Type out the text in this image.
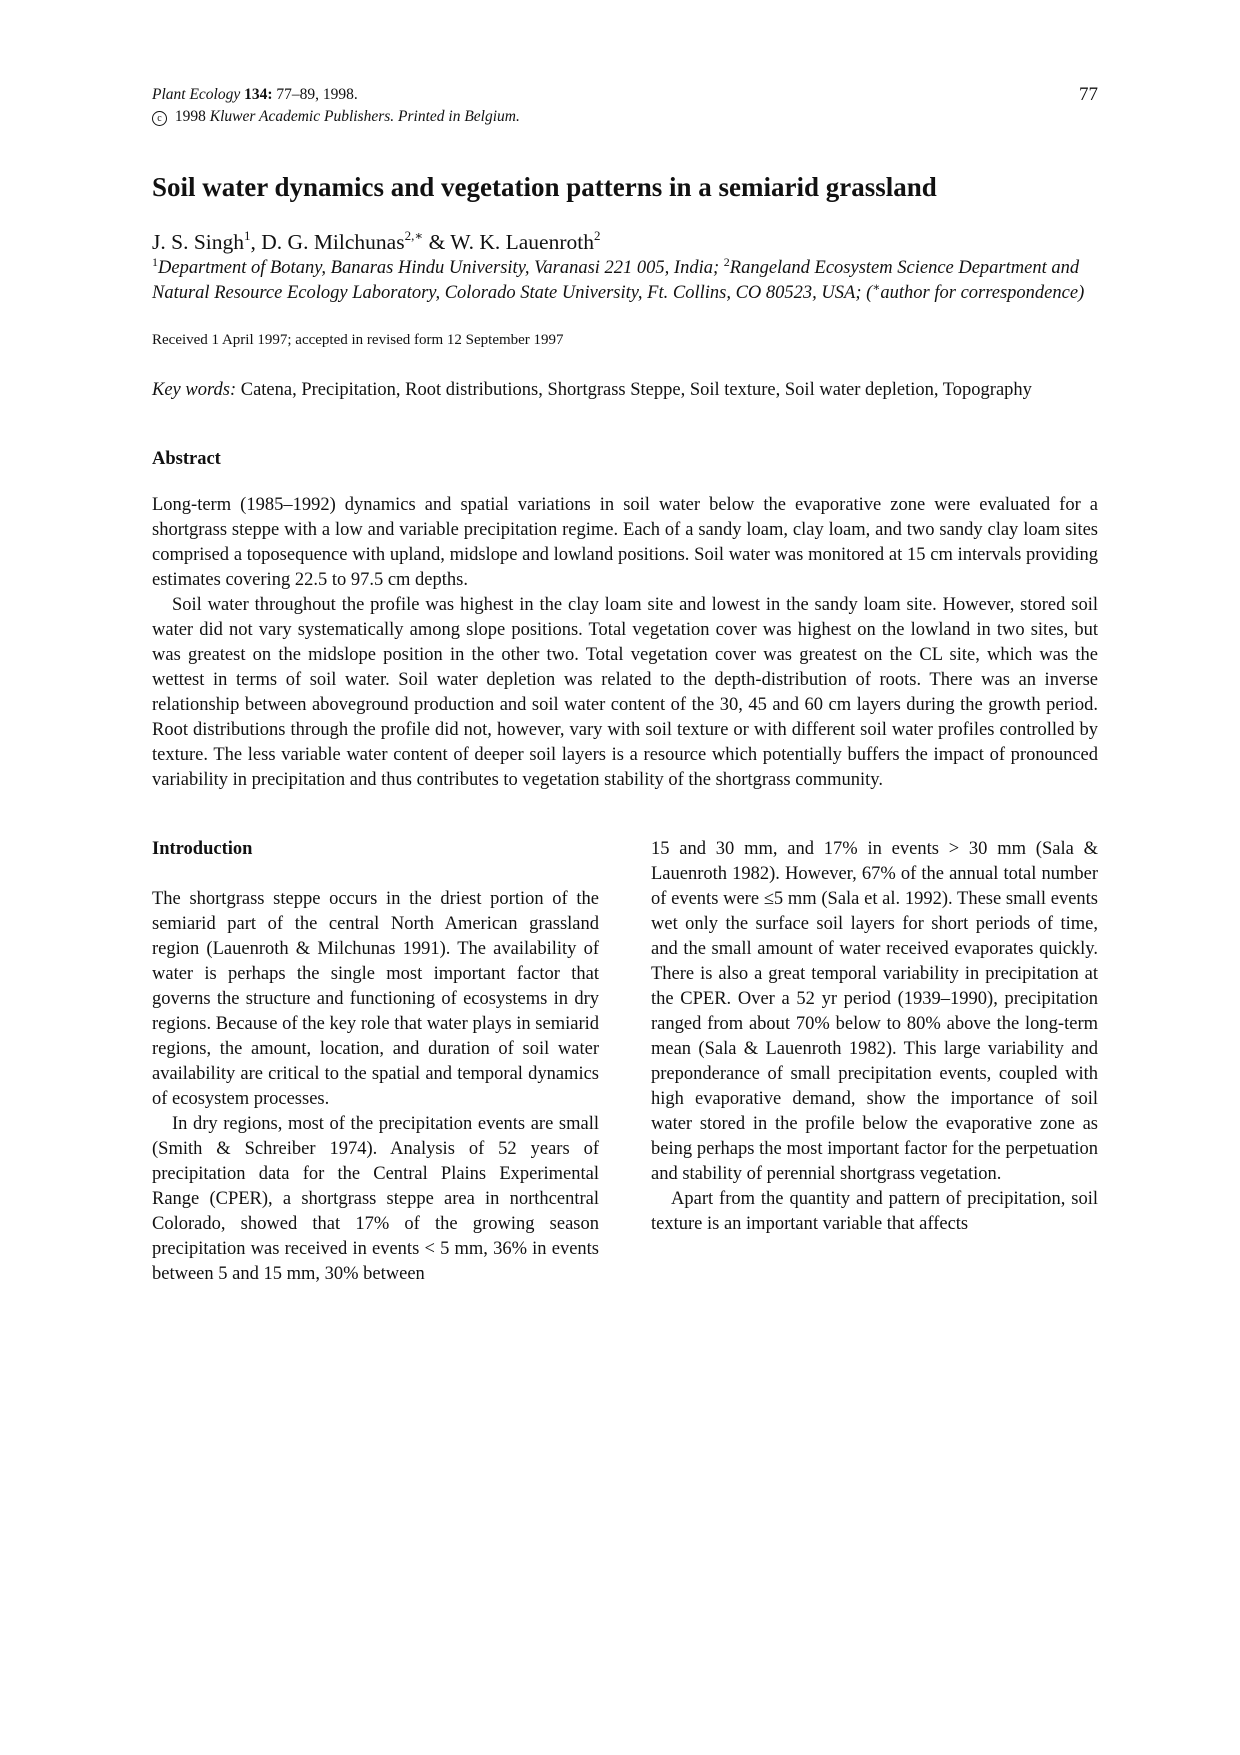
Plant Ecology 134: 77–89, 1998.
c 1998 Kluwer Academic Publishers. Printed in Belgium.
77
Soil water dynamics and vegetation patterns in a semiarid grassland
J. S. Singh$^1$, D. G. Milchunas$^{2,∗}$ & W. K. Lauenroth$^2$
$^1$Department of Botany, Banaras Hindu University, Varanasi 221 005, India; $^2$Rangeland Ecosystem Science Department and Natural Resource Ecology Laboratory, Colorado State University, Ft. Collins, CO 80523, USA; (∗author for correspondence)
Received 1 April 1997; accepted in revised form 12 September 1997
Key words: Catena, Precipitation, Root distributions, Shortgrass Steppe, Soil texture, Soil water depletion, Topography
Abstract

Long-term (1985–1992) dynamics and spatial variations in soil water below the evaporative zone were evaluated for a shortgrass steppe with a low and variable precipitation regime. Each of a sandy loam, clay loam, and two sandy clay loam sites comprised a toposequence with upland, midslope and lowland positions. Soil water was monitored at 15 cm intervals providing estimates covering 22.5 to 97.5 cm depths.

Soil water throughout the profile was highest in the clay loam site and lowest in the sandy loam site. However, stored soil water did not vary systematically among slope positions. Total vegetation cover was highest on the lowland in two sites, but was greatest on the midslope position in the other two. Total vegetation cover was greatest on the CL site, which was the wettest in terms of soil water. Soil water depletion was related to the depth-distribution of roots. There was an inverse relationship between aboveground production and soil water content of the 30, 45 and 60 cm layers during the growth period. Root distributions through the profile did not, however, vary with soil texture or with different soil water profiles controlled by texture. The less variable water content of deeper soil layers is a resource which potentially buffers the impact of pronounced variability in precipitation and thus contributes to vegetation stability of the shortgrass community.

Introduction

The shortgrass steppe occurs in the driest portion of the semiarid part of the central North American grassland region (Lauenroth & Milchunas 1991). The availability of water is perhaps the single most important factor that governs the structure and functioning of ecosystems in dry regions. Because of the key role that water plays in semiarid regions, the amount, location, and duration of soil water availability are critical to the spatial and temporal dynamics of ecosystem processes.

In dry regions, most of the precipitation events are small (Smith & Schreiber 1974). Analysis of 52 years of precipitation data for the Central Plains Experimental Range (CPER), a shortgrass steppe area in northcentral Colorado, showed that 17% of the growing season precipitation was received in events < 5 mm, 36% in events between 5 and 15 mm, 30% between

15 and 30 mm, and 17% in events > 30 mm (Sala & Lauenroth 1982). However, 67% of the annual total number of events were ≤5 mm (Sala et al. 1992). These small events wet only the surface soil layers for short periods of time, and the small amount of water received evaporates quickly. There is also a great temporal variability in precipitation at the CPER. Over a 52 yr period (1939–1990), precipitation ranged from about 70% below to 80% above the long-term mean (Sala & Lauenroth 1982). This large variability and preponderance of small precipitation events, coupled with high evaporative demand, show the importance of soil water stored in the profile below the evaporative zone as being perhaps the most important factor for the perpetuation and stability of perennial shortgrass vegetation.

Apart from the quantity and pattern of precipitation, soil texture is an important variable that affects
